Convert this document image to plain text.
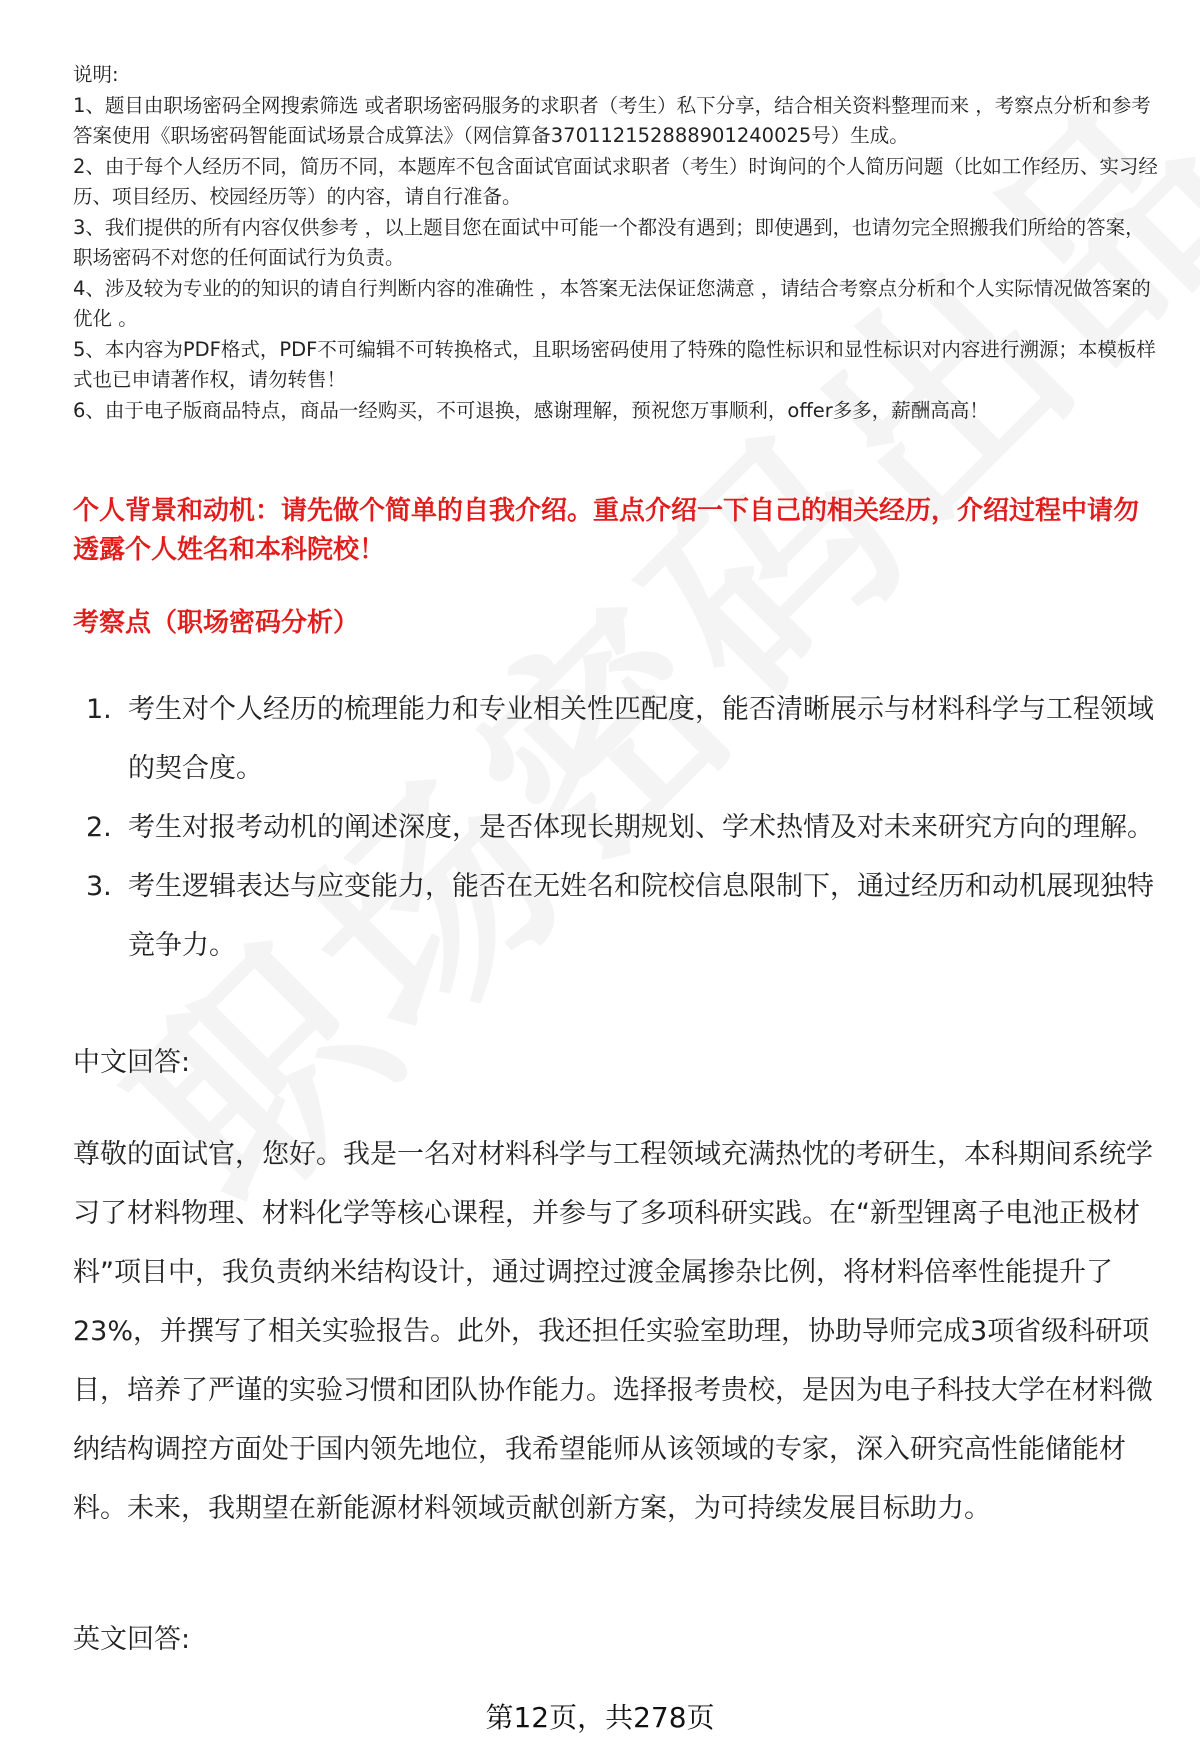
说明:

1、题目由职场密码全网搜索筛选 或者职场密码服务的求职者（考生）私下分享，结合相关资料整理而来 ，考察点分析和参考答案使用《职场密码智能面试场景合成算法》（网信算备370112152888901240025号）生成。

2、由于每个人经历不同，简历不同，本题库不包含面试官面试求职者（考生）时询问的个人简历问题（比如工作经历、实习经历、项目经历、校园经历等）的内容，请自行准备。

3、我们提供的所有内容仅供参考 ，以上题目您在面试中可能一个都没有遇到；即使遇到，也请勿完全照搬我们所给的答案，职场密码不对您的任何面试行为负责。

4、涉及较为专业的的知识的请自行判断内容的准确性 ，本答案无法保证您满意 ，请结合考察点分析和个人实际情况做答案的优化 。

5、本内容为PDF格式，PDF不可编辑不可转换格式，且职场密码使用了特殊的隐性标识和显性标识对内容进行溯源；本模板样式也已申请著作权，请勿转售！

6、由于电子版商品特点，商品一经购买，不可退换，感谢理解，预祝您万事顺利，offer多多，薪酬高高！

个人背景和动机：请先做个简单的自我介绍。重点介绍一下自己的相关经历，介绍过程中请勿透露个人姓名和本科院校！

考察点（职场密码分析）

1. 考生对个人经历的梳理能力和专业相关性匹配度，能否清晰展示与材料科学与工程领域的契合度。
2. 考生对报考动机的阐述深度，是否体现长期规划、学术热情及对未来研究方向的理解。
3. 考生逻辑表达与应变能力，能否在无姓名和院校信息限制下，通过经历和动机展现独特竞争力。

中文回答:

尊敬的面试官，您好。我是一名对材料科学与工程领域充满热忱的考研生，本科期间系统学习了材料物理、材料化学等核心课程，并参与了多项科研实践。在“新型锂离子电池正极材料”项目中，我负责纳米结构设计，通过调控过渡金属掺杂比例，将材料倍率性能提升了23%，并撰写了相关实验报告。此外，我还担任实验室助理，协助导师完成3项省级科研项目，培养了严谨的实验习惯和团队协作能力。选择报考贵校，是因为电子科技大学在材料微纳结构调控方面处于国内领先地位，我希望能师从该领域的专家，深入研究高性能储能材料。未来，我期望在新能源材料领域贡献创新方案，为可持续发展目标助力。

英文回答:

第12页，共278页
